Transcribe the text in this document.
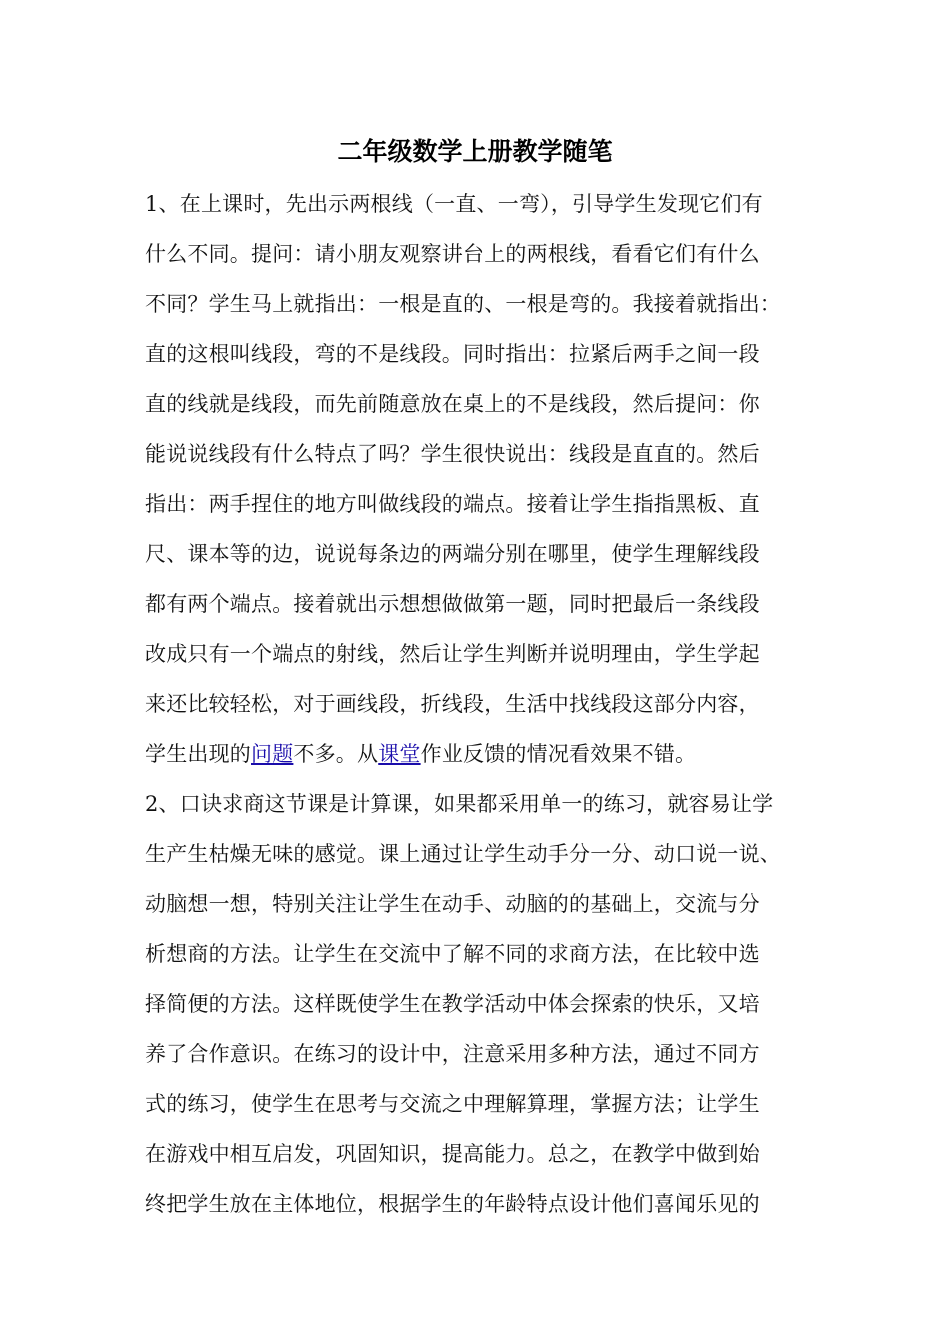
二年级数学上册教学随笔

1、在上课时，先出示两根线（一直、一弯），引导学生发现它们有
什么不同。提问：请小朋友观察讲台上的两根线，看看它们有什么
不同？学生马上就指出：一根是直的、一根是弯的。我接着就指出：
直的这根叫线段，弯的不是线段。同时指出：拉紧后两手之间一段
直的线就是线段，而先前随意放在桌上的不是线段，然后提问：你
能说说线段有什么特点了吗？学生很快说出：线段是直直的。然后
指出：两手捏住的地方叫做线段的端点。接着让学生指指黑板、直
尺、课本等的边，说说每条边的两端分别在哪里，使学生理解线段
都有两个端点。接着就出示想想做做第一题，同时把最后一条线段
改成只有一个端点的射线，然后让学生判断并说明理由，学生学起
来还比较轻松，对于画线段，折线段，生活中找线段这部分内容，
学生出现的问题不多。从课堂作业反馈的情况看效果不错。

2、口诀求商这节课是计算课，如果都采用单一的练习，就容易让学
生产生枯燥无味的感觉。课上通过让学生动手分一分、动口说一说、
动脑想一想，特别关注让学生在动手、动脑的的基础上，交流与分
析想商的方法。让学生在交流中了解不同的求商方法，在比较中选
择简便的方法。这样既使学生在教学活动中体会探索的快乐，又培
养了合作意识。在练习的设计中，注意采用多种方法，通过不同方
式的练习，使学生在思考与交流之中理解算理，掌握方法；让学生
在游戏中相互启发，巩固知识，提高能力。总之，在教学中做到始
终把学生放在主体地位，根据学生的年龄特点设计他们喜闻乐见的
